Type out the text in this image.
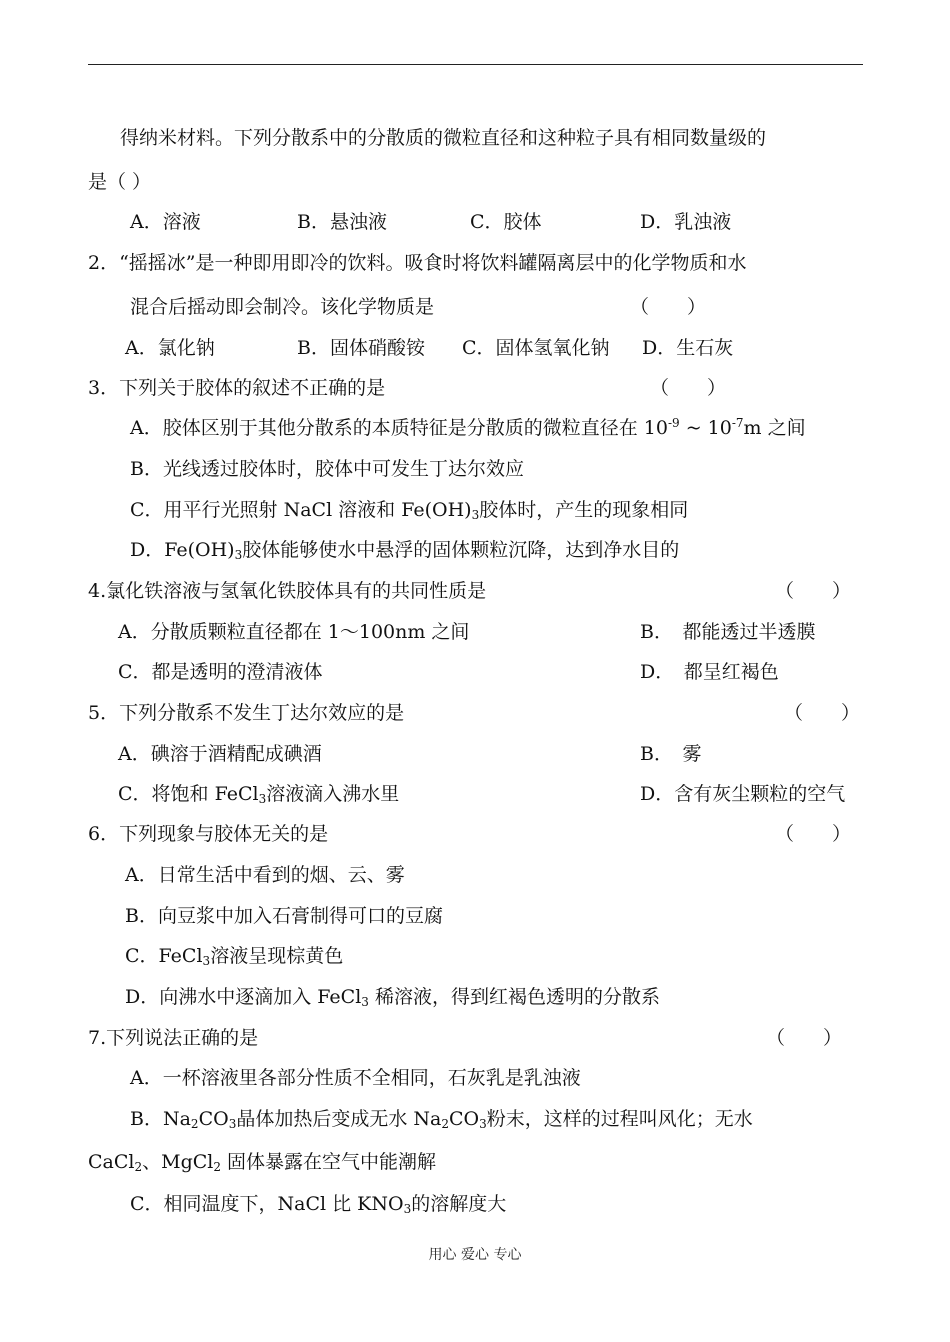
得纳米材料。下列分散系中的分散质的微粒直径和这种粒子具有相同数量级的
是（ ）
A．溶液	B．悬浊液	C．胶体	D．乳浊液
2．“摇摇冰”是一种即用即冷的饮料。吸食时将饮料罐隔离层中的化学物质和水
混合后摇动即会制冷。该化学物质是	（　　）
A．氯化钠	B．固体硝酸铵 C．固体氢氧化钠 D．生石灰
3．下列关于胶体的叙述不正确的是	（　　）
A．胶体区别于其他分散系的本质特征是分散质的微粒直径在 $10^{-9}$ ~ $10^{-7}m$ 之间
B．光线透过胶体时，胶体中可发生丁达尔效应
C．用平行光照射 NaCl 溶液和 $Fe(OH)_3$胶体时，产生的现象相同
D．$Fe(OH)_3$胶体能够使水中悬浮的固体颗粒沉降，达到净水目的
4.氯化铁溶液与氢氧化铁胶体具有的共同性质是	（　　）
A．分散质颗粒直径都在 1～100nm 之间	B．　都能透过半透膜
C．都是透明的澄清液体	D．　都呈红褐色
5．下列分散系不发生丁达尔效应的是	（　　）
A．碘溶于酒精配成碘酒	B．　雾
C．将饱和 FeCl$_3$溶液滴入沸水里	D．含有灰尘颗粒的空气
6．下列现象与胶体无关的是	（　　）
A．日常生活中看到的烟、云、雾
B．向豆浆中加入石膏制得可口的豆腐
C．FeCl$_3$溶液呈现棕黄色
D．向沸水中逐滴加入 FeCl$_3$ 稀溶液，得到红褐色透明的分散系
7.下列说法正确的是	（　　）
A．一杯溶液里各部分性质不全相同，石灰乳是乳浊液
B．$Na_2CO_3$晶体加热后变成无水 $Na_2CO_3$粉末，这样的过程叫风化；无水
CaCl$_2$、MgCl$_2$ 固体暴露在空气中能潮解
C．相同温度下，NaCl 比 $KNO_3$的溶解度大
用心 爱心 专心
